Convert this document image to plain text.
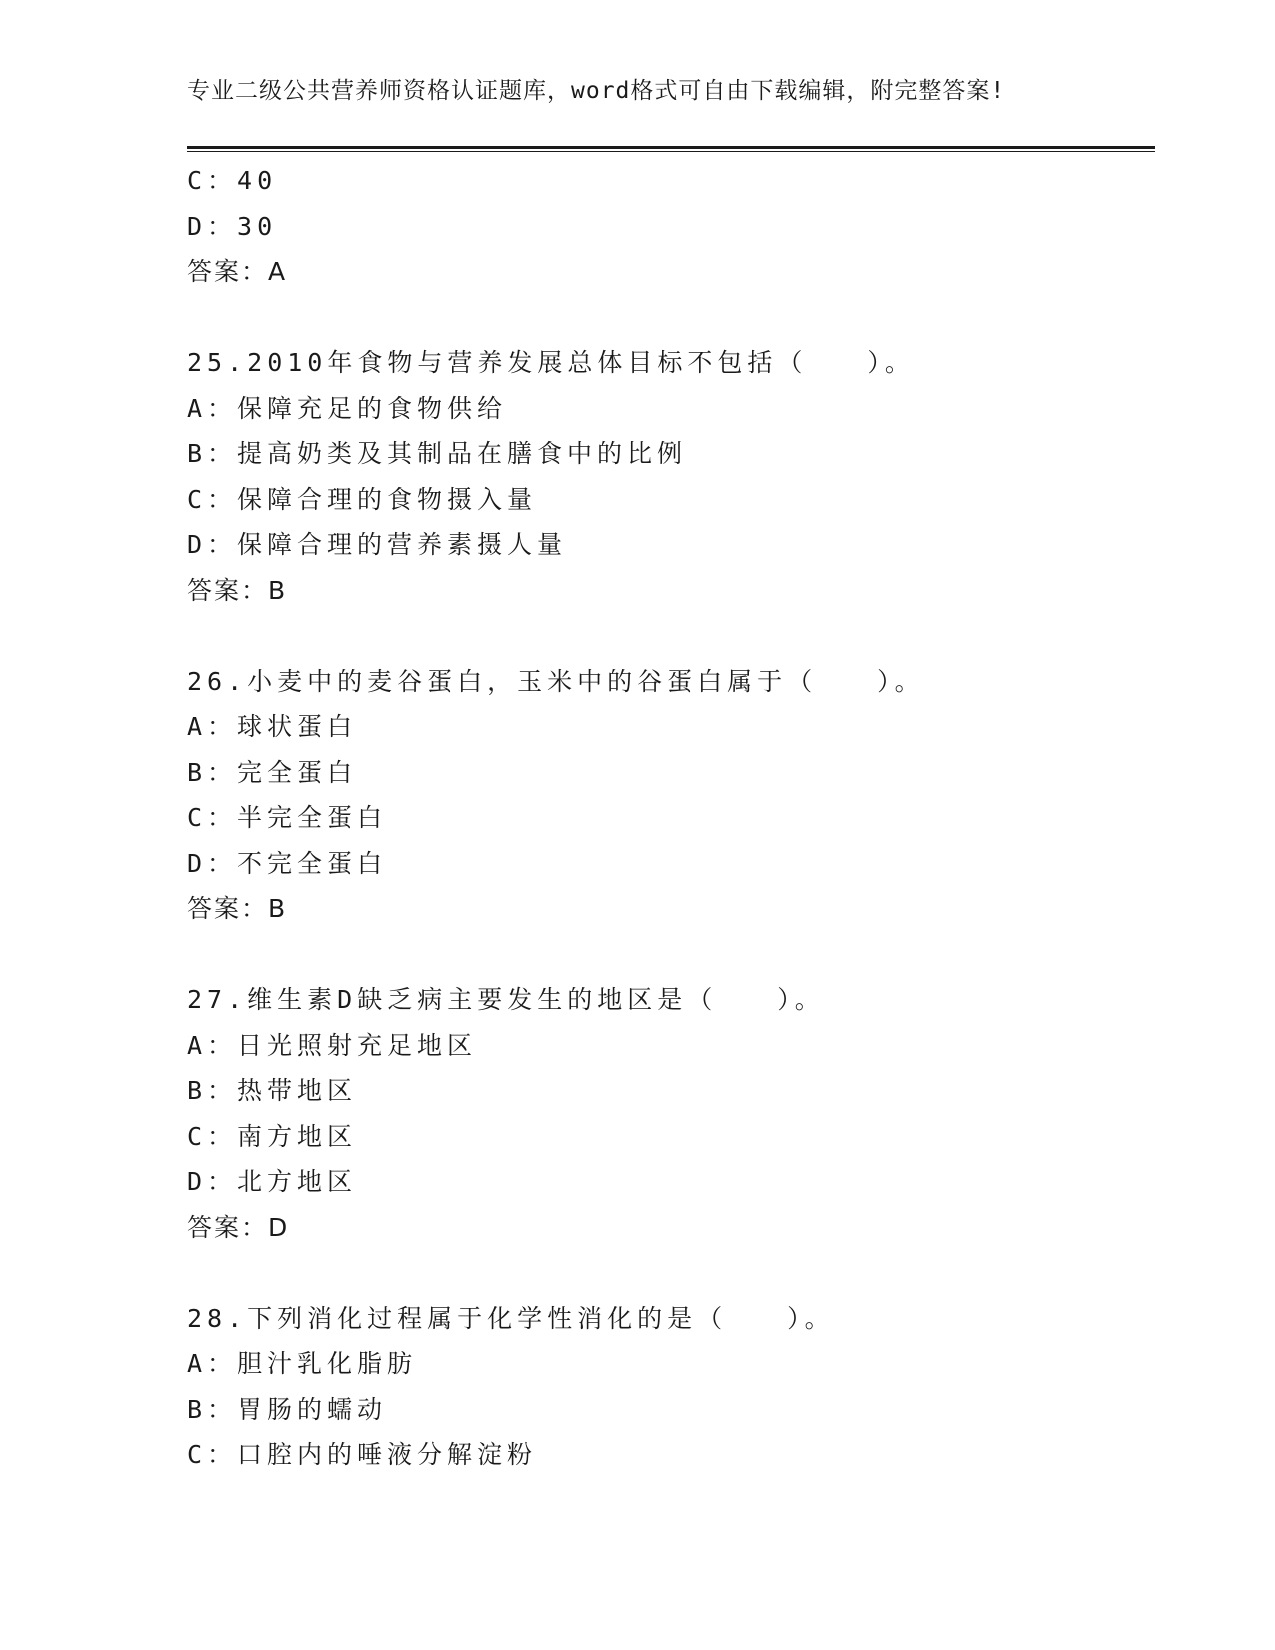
专业二级公共营养师资格认证题库，word格式可自由下载编辑，附完整答案!
C：40
D：30
答案：A
25.2010年食物与营养发展总体目标不包括（　　）。
A：保障充足的食物供给
B：提高奶类及其制品在膳食中的比例
C：保障合理的食物摄入量
D：保障合理的营养素摄人量
答案：B
26.小麦中的麦谷蛋白，玉米中的谷蛋白属于（　　）。
A：球状蛋白
B：完全蛋白
C：半完全蛋白
D：不完全蛋白
答案：B
27.维生素D缺乏病主要发生的地区是（　　）。
A：日光照射充足地区
B：热带地区
C：南方地区
D：北方地区
答案：D
28.下列消化过程属于化学性消化的是（　　）。
A：胆汁乳化脂肪
B：胃肠的蠕动
C：口腔内的唾液分解淀粉
